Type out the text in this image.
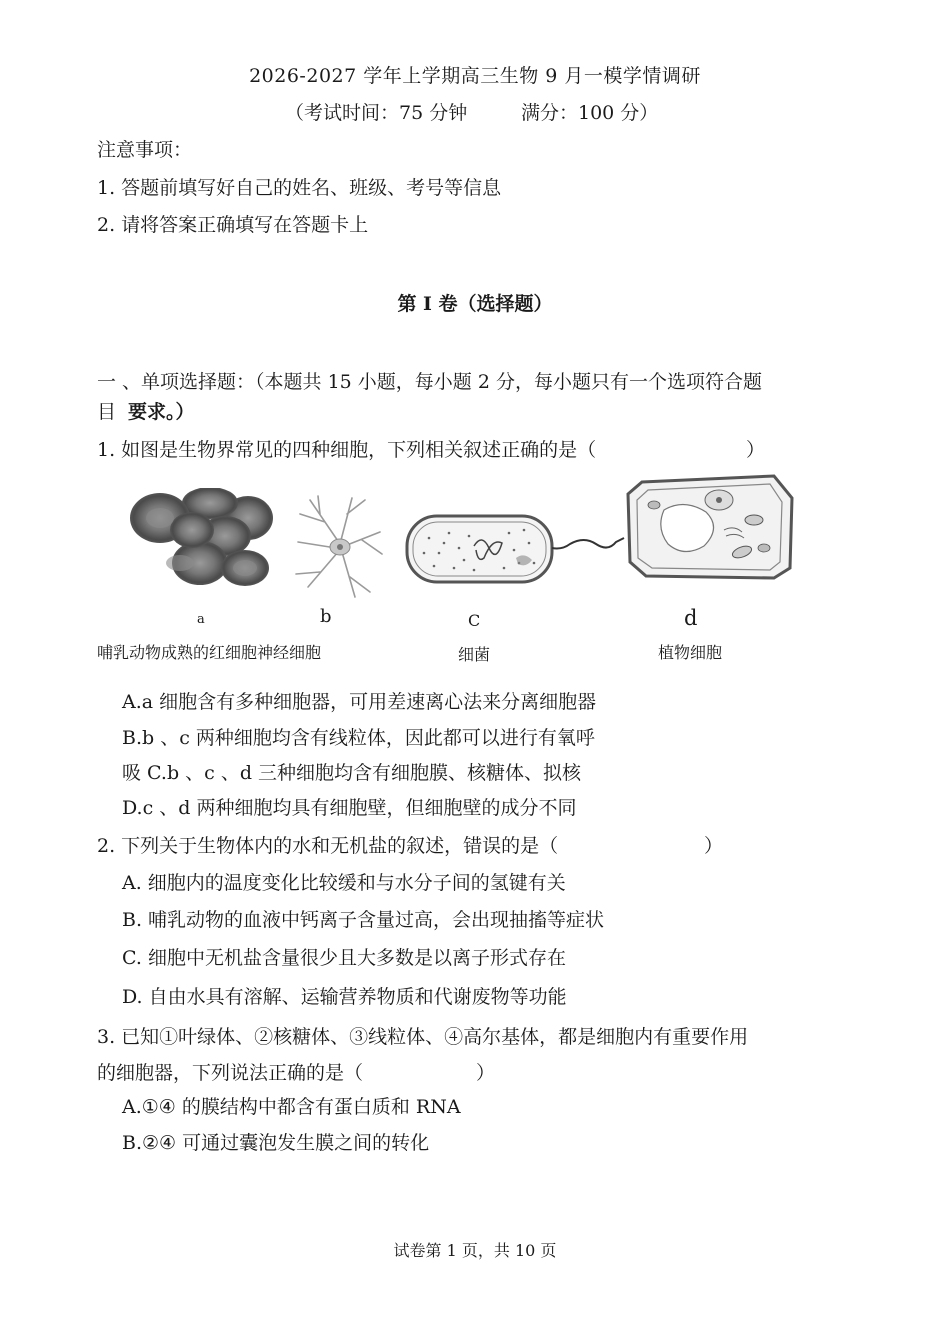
2026-2027 学年上学期高三生物 9 月一模学情调研
（考试时间：75 分钟	满分：100 分）
注意事项：
1. 答题前填写好自己的姓名、班级、考号等信息
2. 请将答案正确填写在答题卡上
第 I 卷（选择题）
一 、单项选择题：（本题共 15 小题，每小题 2 分，每小题只有一个选项符合题
目 要求。）
1. 如图是生物界常见的四种细胞，下列相关叙述正确的是（	）
a	b	C	d
哺乳动物成熟的红细胞神经细胞	细菌	植物细胞
A.a 细胞含有多种细胞器，可用差速离心法来分离细胞器
B.b 、c 两种细胞均含有线粒体，因此都可以进行有氧呼
吸 C.b 、c 、d 三种细胞均含有细胞膜、核糖体、拟核
D.c 、d 两种细胞均具有细胞壁，但细胞壁的成分不同
2. 下列关于生物体内的水和无机盐的叙述，错误的是（	）
A. 细胞内的温度变化比较缓和与水分子间的氢键有关
B. 哺乳动物的血液中钙离子含量过高，会出现抽搐等症状
C. 细胞中无机盐含量很少且大多数是以离子形式存在
D. 自由水具有溶解、运输营养物质和代谢废物等功能
3. 已知①叶绿体、②核糖体、③线粒体、④高尔基体，都是细胞内有重要作用
的细胞器，下列说法正确的是（	）
A.①④ 的膜结构中都含有蛋白质和 RNA
B.②④ 可通过囊泡发生膜之间的转化
试卷第 1 页，共 10 页
